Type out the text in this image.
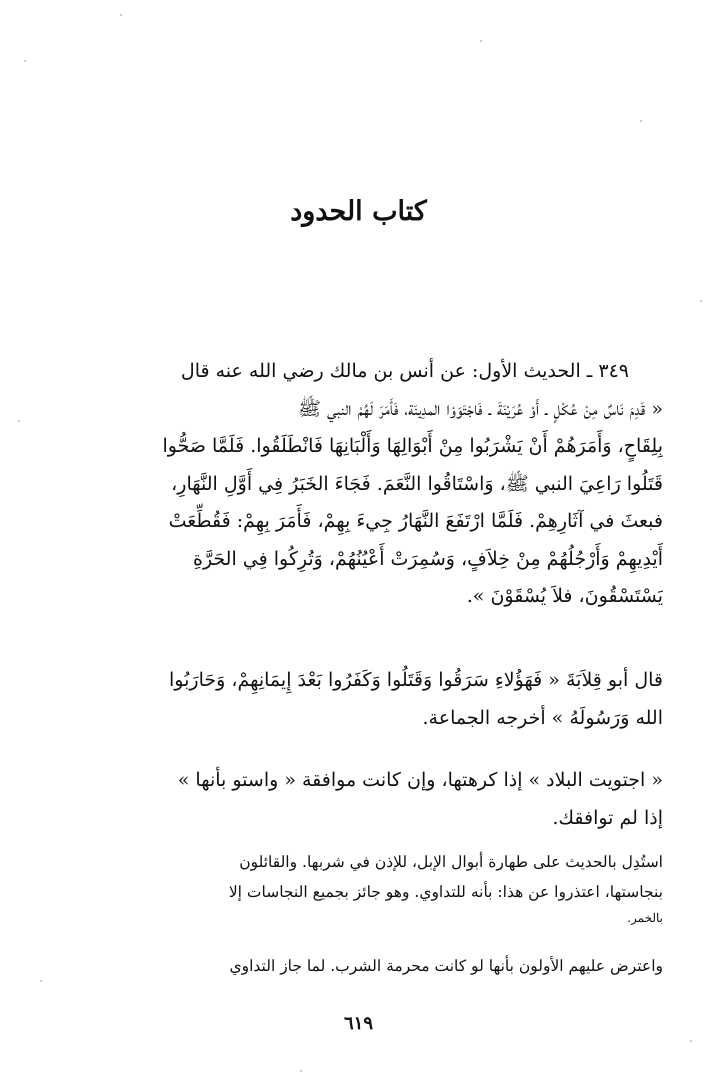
كتاب الحدود
٣٤٩ ـ الحديث الأول: عن أنس بن مالك رضي الله عنه قال
« قَدِمَ نَاسٌ مِنْ عُكْلٍ ـ أَوْ عُرَيْنَةَ ـ فَاجْتَوَوْا المدِينَة، فَأَمَرَ لَهُمْ النبي ﷺ
بِلِقَاحٍ، وَأَمَرَهُمْ أَنْ يَشْرَبُوا مِنْ أَبْوَالِهَا وَأَلْبَانِهَا فَانْطَلَقُوا. فَلَمَّا صَحُّوا
قَتَلُوا رَاعِيَ النبي ﷺ، وَاسْتَاقُوا النَّعَمَ. فَجَاءَ الخَبَرُ فِي أَوَّلِ النَّهَارِ،
فبعثَ في آثَارِهِمْ. فَلَمَّا ارْتَفَعَ النَّهَارُ جِيءَ بِهِمْ، فَأَمَرَ بِهِمْ: فَقُطِّعَتْ
أَيْدِيهِمْ وَأَرْجُلُهُمْ مِنْ خِلاَفٍ، وَسُمِرَتْ أَعْيُنُهُمْ، وَتُرِكُوا فِي الحَرَّةِ
يَسْتَسْقُونَ، فلاَ يُسْقَوْنَ ».
قال أبو قِلاَبَةَ « فَهَؤُلاءِ سَرَقُوا وَقَتَلُوا وَكَفَرُوا بَعْدَ إِيمَانِهِمْ، وَحَارَبُوا
الله وَرَسُولَهُ » أخرجه الجماعة.
« اجتويت البلاد » إذا كرهتها، وإن كانت موافقة « واستو بأنها »
إذا لم توافقك.
استُدِل بالحديث على طهارة أبوال الإبل، للإذن في شربها. والقائلون
بنجاستها، اعتذروا عن هذا: بأنه للتداوي. وهو جائز بجميع النجاسات إلا
بالخمر.
واعترض عليهم الأولون بأنها لو كانت محرمة الشرب. لما جاز التداوي
٦١٩
